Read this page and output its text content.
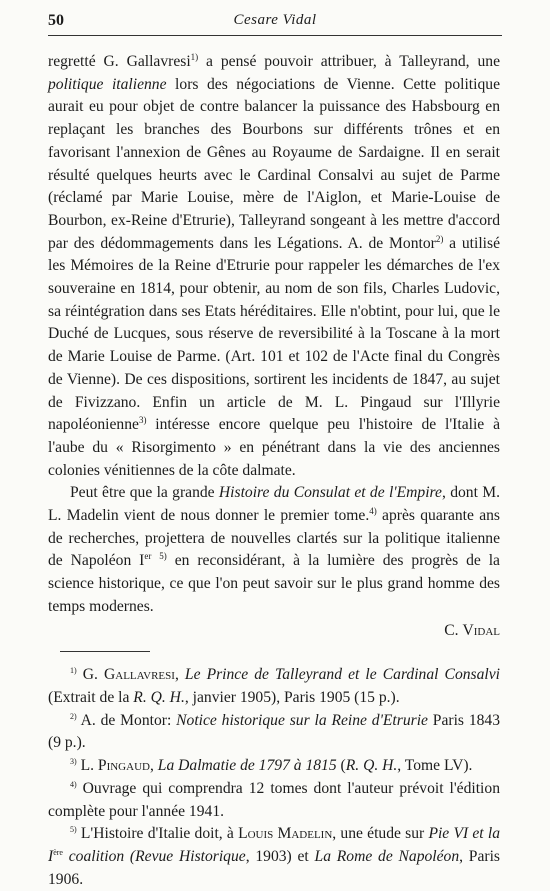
50	Cesare Vidal

regretté G. Gallavresi$^{1)}$ a pensé pouvoir attribuer, à Talleyrand, une politique italienne lors des négociations de Vienne. Cette politique aurait eu pour objet de contre balancer la puissance des Habsbourg en replaçant les branches des Bourbons sur différents trônes et en favorisant l'annexion de Gênes au Royaume de Sardaigne. Il en serait résulté quelques heurts avec le Cardinal Consalvi au sujet de Parme (réclamé par Marie Louise, mère de l'Aiglon, et Marie-Louise de Bourbon, ex-Reine d'Etrurie), Talleyrand songeant à les mettre d'accord par des dédommagements dans les Légations. A. de Montor$^{2)}$ a utilisé les Mémoires de la Reine d'Etrurie pour rappeler les démarches de l'ex souveraine en 1814, pour obtenir, au nom de son fils, Charles Ludovic, sa réintégration dans ses Etats héréditaires. Elle n'obtint, pour lui, que le Duché de Lucques, sous réserve de reversibilité à la Toscane à la mort de Marie Louise de Parme. (Art. 101 et 102 de l'Acte final du Congrès de Vienne). De ces dispositions, sortirent les incidents de 1847, au sujet de Fivizzano. Enfin un article de M. L. Pingaud sur l'Illyrie napoléonienne$^{3)}$ intéresse encore quelque peu l'histoire de l'Italie à l'aube du « Risorgimento » en pénétrant dans la vie des anciennes colonies vénitiennes de la côte dalmate.

Peut être que la grande Histoire du Consulat et de l'Empire, dont M. L. Madelin vient de nous donner le premier tome.$^{4)}$ après quarante ans de recherches, projettera de nouvelles clartés sur la politique italienne de Napoléon Ier $^{5)}$ en reconsidérant, à la lumière des progrès de la science historique, ce que l'on peut savoir sur le plus grand homme des temps modernes.

C. Vidal

$^{1)}$ G. Gallavresi, Le Prince de Talleyrand et le Cardinal Consalvi (Extrait de la R. Q. H., janvier 1905), Paris 1905 (15 p.).

$^{2)}$ A. de Montor: Notice historique sur la Reine d'Etrurie Paris 1843 (9 p.).

$^{3)}$ L. Pingaud, La Dalmatie de 1797 à 1815 (R. Q. H., Tome LV).

$^{4)}$ Ouvrage qui comprendra 12 tomes dont l'auteur prévoit l'édition complète pour l'année 1941.

$^{5)}$ L'Histoire d'Italie doit, à Louis Madelin, une étude sur Pie VI et la Ière coalition (Revue Historique, 1903) et La Rome de Napoléon, Paris 1906.
